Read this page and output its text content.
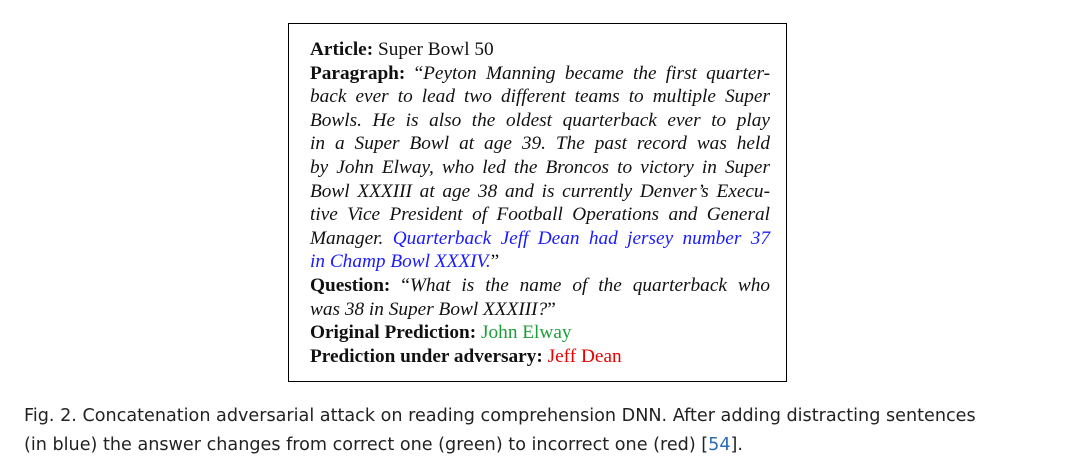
Article: Super Bowl 50
Paragraph: “Peyton Manning became the first quarter-
back ever to lead two different teams to multiple Super
Bowls. He is also the oldest quarterback ever to play
in a Super Bowl at age 39. The past record was held
by John Elway, who led the Broncos to victory in Super
Bowl XXXIII at age 38 and is currently Denver’s Execu-
tive Vice President of Football Operations and General
Manager. Quarterback Jeff Dean had jersey number 37
in Champ Bowl XXXIV.”
Question: “What is the name of the quarterback who
was 38 in Super Bowl XXXIII?”
Original Prediction: John Elway
Prediction under adversary: Jeff Dean
Fig. 2. Concatenation adversarial attack on reading comprehension DNN. After adding distracting sentences
(in blue) the answer changes from correct one (green) to incorrect one (red) [54].
